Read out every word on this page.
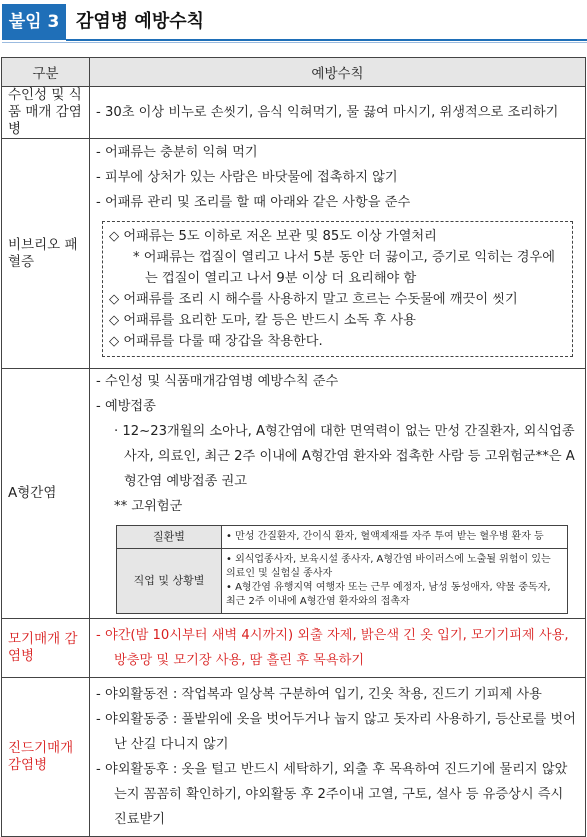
붙임 3 감염병 예방수칙
구분	예방수칙
수인성 및 식품 매개 감염병	
- 30초 이상 비누로 손씻기, 음식 익혀먹기, 물 끓여 마시기, 위생적으로 조리하기

비브리오 패혈증	
- 어패류는 충분히 익혀 먹기
- 피부에 상처가 있는 사람은 바닷물에 접촉하지 않기
- 어패류 관리 및 조리를 할 때 아래와 같은 사항을 준수
◇ 어패류는 5도 이하로 저온 보관 및 85도 이상 가열처리
* 어패류는 껍질이 열리고 나서 5분 동안 더 끓이고, 증기로 익히는 경우에는 껍질이 열리고 나서 9분 이상 더 요리해야 함
◇ 어패류를 조리 시 해수를 사용하지 말고 흐르는 수돗물에 깨끗이 씻기
◇ 어패류를 요리한 도마, 칼 등은 반드시 소독 후 사용
◇ 어패류를 다룰 때 장갑을 착용한다.

A형간염	
- 수인성 및 식품매개감염병 예방수칙 준수
- 예방접종
· 12~23개월의 소아나, A형간염에 대한 면역력이 없는 만성 간질환자, 외식업종사자, 의료인, 최근 2주 이내에 A형간염 환자와 접촉한 사람 등 고위험군**은 A형간염 예방접종 권고
** 고위험군
질환별	• 만성 간질환자, 간이식 환자, 혈액제재를 자주 투여 받는 혈우병 환자 등
직업 및 상황별	
• 외식업종사자, 보육시설 종사자, A형간염 바이러스에 노출될 위험이 있는 의료인 및 실험실 종사자
• A형간염 유행지역 여행자 또는 근무 예정자, 남성 동성애자, 약물 중독자, 최근 2주 이내에 A형간염 환자와의 접촉자

모기매개 감염병	
- 야간(밤 10시부터 새벽 4시까지) 외출 자제, 밝은색 긴 옷 입기, 모기기피제 사용, 방충망 및 모기장 사용, 땀 흘린 후 목욕하기

진드기매개 감염병	
- 야외활동전 : 작업복과 일상복 구분하여 입기, 긴옷 착용, 진드기 기피제 사용
- 야외활동중 : 풀밭위에 옷을 벗어두거나 눕지 않고 돗자리 사용하기, 등산로를 벗어난 산길 다니지 않기
- 야외활동후 : 옷을 털고 반드시 세탁하기, 외출 후 목욕하여 진드기에 물리지 않았는지 꼼꼼히 확인하기, 야외활동 후 2주이내 고열, 구토, 설사 등 유증상시 즉시 진료받기
